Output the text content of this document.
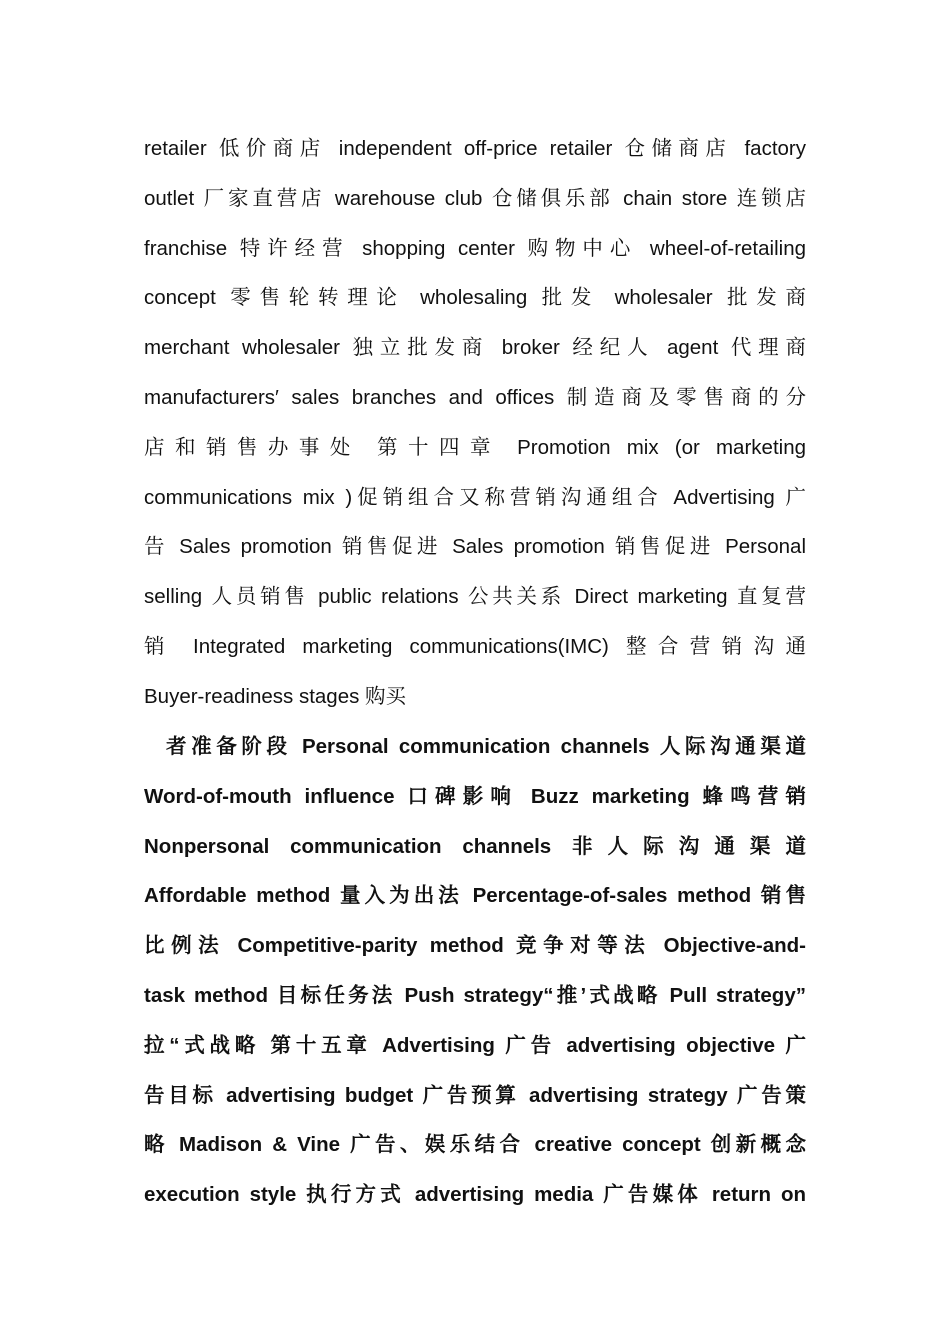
retailer 低价商店 independent off-price retailer 仓储商店 factory
outlet 厂家直营店 warehouse club 仓储俱乐部 chain store 连锁店
franchise 特许经营 shopping center 购物中心 wheel-of-retailing
concept 零售轮转理论 wholesaling 批发 wholesaler 批发商
merchant wholesaler 独立批发商 broker 经纪人 agent 代理商
manufacturers′ sales branches and offices 制造商及零售商的分
店和销售办事处 第十四章 Promotion mix (or marketing
communications mix )促销组合又称营销沟通组合 Advertising 广
告 Sales promotion 销售促进 Sales promotion 销售促进 Personal
selling 人员销售 public relations 公共关系 Direct marketing 直复营
销 Integrated marketing communications(IMC) 整合营销沟通
Buyer-readiness stages 购买
者准备阶段 Personal communication channels 人际沟通渠道
Word-of-mouth influence 口碑影响 Buzz marketing 蜂鸣营销
Nonpersonal communication channels 非人际沟通渠道
Affordable method 量入为出法 Percentage-of-sales method 销售
比例法 Competitive-parity method 竞争对等法 Objective-and-
task method 目标任务法 Push strategy“推’式战略 Pull strategy”
拉“式战略 第十五章 Advertising 广告 advertising objective 广
告目标 advertising budget 广告预算 advertising strategy 广告策
略 Madison & Vine 广告、娱乐结合 creative concept 创新概念
execution style 执行方式 advertising media 广告媒体 return on
